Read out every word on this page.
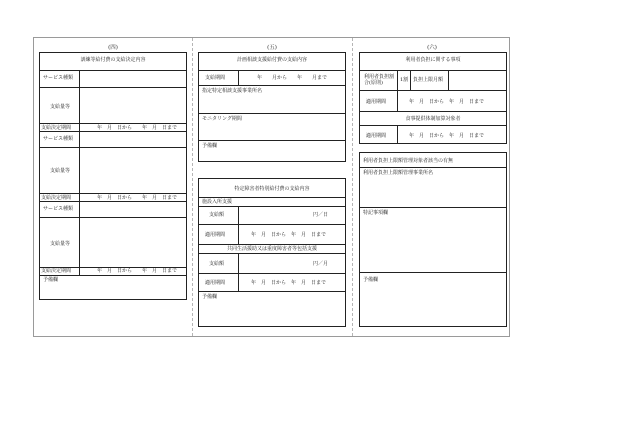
(四)	(五)	(六)
訓練等給付費の支給決定内容
サービス種類
支給量等
支給決定期間	年　月　日から　　年　月　日まで
サービス種類
支給量等
支給決定期間	年　月　日から　　年　月　日まで
サービス種類
支給量等
支給決定期間	年　月　日から　　年　月　日まで
予備欄
計画相談支援給付費の支給内容
支給期間	年　　月から　　年　　月まで
指定特定相談支援事業所名
モニタリング期間
予備欄
特定障害者特別給付費の支給内容
施設入所支援
支給額	円／日
適用期間	年　月　日から　年　月　日まで
共同生活援助又は重度障害者等包括支援
支給額	円／月
適用期間	年　月　日から　年　月　日まで
予備欄
利用者負担に関する事項
利用者負担割合(原則)	1割 負担上限月額
適用期間	年　月　日から　年　月　日まで
食事提供体制加算対象者
適用期間	年　月　日から　年　月　日まで
利用者負担上限額管理対象者該当の有無
利用者負担上限額管理事業所名
特記事項欄
予備欄
